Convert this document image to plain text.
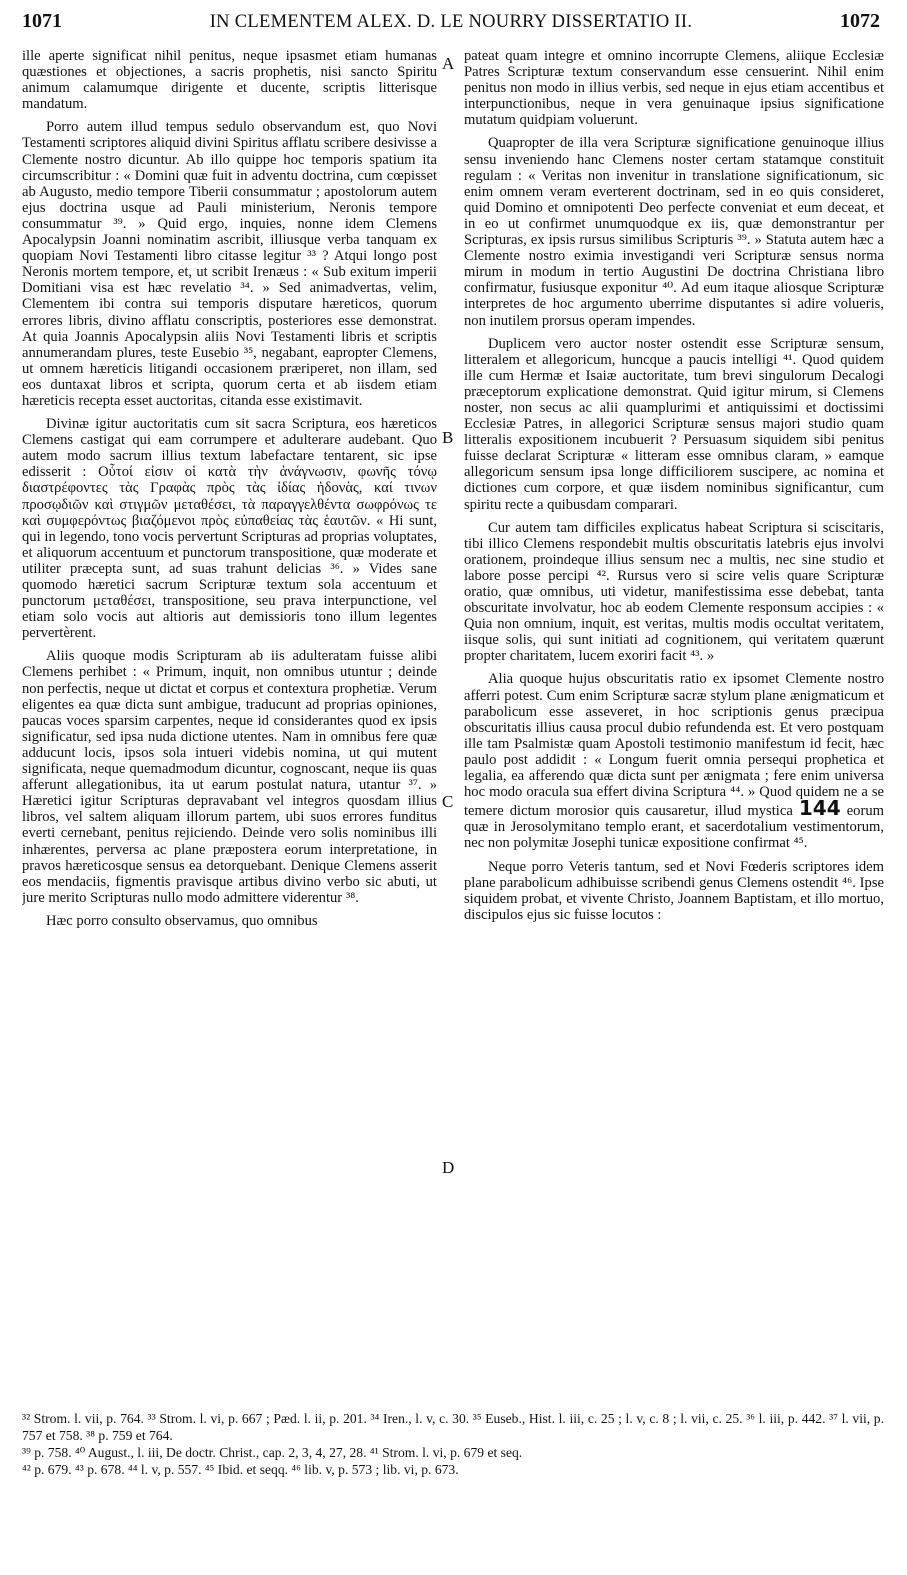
1071	IN CLEMENTEM ALEX. D. LE NOURRY DISSERTATIO II.	1072
A
B
C
D

ille aperte significat nihil penitus, neque ipsasmet etiam humanas quæstiones et objectiones, a sacris prophetis, nisi sancto Spiritu animum calamumque dirigente et ducente, scriptis litterisque mandatum.

Porro autem illud tempus sedulo observandum est, quo Novi Testamenti scriptores aliquid divini Spiritus afflatu scribere desivisse a Clemente nostro dicuntur. Ab illo quippe hoc temporis spatium ita circumscribitur : « Domini quæ fuit in adventu doctrina, cum cœpisset ab Augusto, medio tempore Tiberii consummatur ; apostolorum autem ejus doctrina usque ad Pauli ministerium, Neronis tempore consummatur ³⁹. » Quid ergo, inquies, nonne idem Clemens Apocalypsin Joanni nominatim ascribit, illiusque verba tanquam ex quopiam Novi Testamenti libro citasse legitur ³³ ? Atqui longo post Neronis mortem tempore, et, ut scribit Irenæus : « Sub exitum imperii Domitiani visa est hæc revelatio ³⁴. » Sed animadvertas, velim, Clementem ibi contra sui temporis disputare hæreticos, quorum errores libris, divino afflatu conscriptis, posteriores esse demonstrat. At quia Joannis Apocalypsin aliis Novi Testamenti libris et scriptis annumerandam plures, teste Eusebio ³⁵, negabant, eapropter Clemens, ut omnem hæreticis litigandi occasionem præriperet, non illam, sed eos duntaxat libros et scripta, quorum certa et ab iisdem etiam hæreticis recepta esset auctoritas, citanda esse existimavit.

Divinæ igitur auctoritatis cum sit sacra Scriptura, eos hæreticos Clemens castigat qui eam corrumpere et adulterare audebant. Quo autem modo sacrum illius textum labefactare tentarent, sic ipse edisserit : Οὗτοί εἰσιν οἱ κατὰ τὴν ἀνάγνωσιν, φωνῆς τόνῳ διαστρέφοντες τὰς Γραφὰς πρὸς τὰς ἰδίας ἡδονὰς, καί τινων προσῳδιῶν καὶ στιγμῶν μεταθέσει, τὰ παραγγελθέντα σωφρόνως τε καὶ συμφερόντως βιαζόμενοι πρὸς εὐπαθείας τὰς ἑαυτῶν. « Hi sunt, qui in legendo, tono vocis pervertunt Scripturas ad proprias voluptates, et aliquorum accentuum et punctorum transpositione, quæ moderate et utiliter præcepta sunt, ad suas trahunt delicias ³⁶. » Vides sane quomodo hæretici sacrum Scripturæ textum sola accentuum et punctorum μεταθέσει, transpositione, seu prava interpunctione, vel etiam solo vocis aut altioris aut demissioris tono illum legentes pervertèrent.

Aliis quoque modis Scripturam ab iis adulteratam fuisse alibi Clemens perhibet : « Primum, inquit, non omnibus utuntur ; deinde non perfectis, neque ut dictat et corpus et contextura prophetiæ. Verum eligentes ea quæ dicta sunt ambigue, traducunt ad proprias opiniones, paucas voces sparsim carpentes, neque id considerantes quod ex ipsis significatur, sed ipsa nuda dictione utentes. Nam in omnibus fere quæ adducunt locis, ipsos sola intueri videbis nomina, ut qui mutent significata, neque quemadmodum dicuntur, cognoscant, neque iis quas afferunt allegationibus, ita ut earum postulat natura, utantur ³⁷. » Hæretici igitur Scripturas depravabant vel integros quosdam illius libros, vel saltem aliquam illorum partem, ubi suos errores funditus everti cernebant, penitus rejiciendo. Deinde vero solis nominibus illi inhærentes, perversa ac plane præpostera eorum interpretatione, in pravos hæreticosque sensus ea detorquebant. Denique Clemens asserit eos mendaciis, figmentis pravisque artibus divino verbo sic abuti, ut jure merito Scripturas nullo modo admittere viderentur ³⁸.

Hæc porro consulto observamus, quo omnibus

pateat quam integre et omnino incorrupte Clemens, aliique Ecclesiæ Patres Scripturæ textum conservandum esse censuerint. Nihil enim penitus non modo in illius verbis, sed neque in ejus etiam accentibus et interpunctionibus, neque in vera genuinaque ipsius significatione mutatum quidpiam voluerunt.

Quapropter de illa vera Scripturæ significatione genuinoque illius sensu inveniendo hanc Clemens noster certam statamque constituit regulam : « Veritas non invenitur in translatione significationum, sic enim omnem veram everterent doctrinam, sed in eo quis consideret, quid Domino et omnipotenti Deo perfecte conveniat et eum deceat, et in eo ut confirmet unumquodque ex iis, quæ demonstrantur per Scripturas, ex ipsis rursus similibus Scripturis ³⁹. » Statuta autem hæc a Clemente nostro eximia investigandi veri Scripturæ sensus norma mirum in modum in tertio Augustini De doctrina Christiana libro confirmatur, fusiusque exponitur ⁴⁰. Ad eum itaque aliosque Scripturæ interpretes de hoc argumento uberrime disputantes si adire volueris, non inutilem prorsus operam impendes.

Duplicem vero auctor noster ostendit esse Scripturæ sensum, litteralem et allegoricum, huncque a paucis intelligi ⁴¹. Quod quidem ille cum Hermæ et Isaiæ auctoritate, tum brevi singulorum Decalogi præceptorum explicatione demonstrat. Quid igitur mirum, si Clemens noster, non secus ac alii quamplurimi et antiquissimi et doctissimi Ecclesiæ Patres, in allegorici Scripturæ sensus majori studio quam litteralis expositionem incubuerit ? Persuasum siquidem sibi penitus fuisse declarat Scripturæ « litteram esse omnibus claram, » eamque allegoricum sensum ipsa longe difficiliorem suscipere, ac nomina et dictiones cum corpore, et quæ iisdem nominibus significantur, cum spiritu recte a quibusdam comparari.

Cur autem tam difficiles explicatus habeat Scriptura si sciscitaris, tibi illico Clemens respondebit multis obscuritatis latebris ejus involvi orationem, proindeque illius sensum nec a multis, nec sine studio et labore posse percipi ⁴². Rursus vero si scire velis quare Scripturæ oratio, quæ omnibus, uti videtur, manifestissima esse debebat, tanta obscuritate involvatur, hoc ab eodem Clemente responsum accipies : « Quia non omnium, inquit, est veritas, multis modis occultat veritatem, iisque solis, qui sunt initiati ad cognitionem, qui veritatem quærunt propter charitatem, lucem exoriri facit ⁴³. »

Alia quoque hujus obscuritatis ratio ex ipsomet Clemente nostro afferri potest. Cum enim Scripturæ sacræ stylum plane ænigmaticum et parabolicum esse asseveret, in hoc scriptionis genus præcipua obscuritatis illius causa procul dubio refundenda est. Et vero postquam ille tam Psalmistæ quam Apostoli testimonio manifestum id fecit, hæc paulo post addidit : « Longum fuerit omnia persequi prophetica et legalia, ea afferendo quæ dicta sunt per ænigmata ; fere enim universa hoc modo oracula sua effert divina Scriptura ⁴⁴. » Quod quidem ne a se temere dictum morosior quis causaretur, illud mystica 144 eorum quæ in Jerosolymitano templo erant, et sacerdotalium vestimentorum, nec non polymitæ Josephi tunicæ expositione confirmat ⁴⁵.

Neque porro Veteris tantum, sed et Novi Fœderis scriptores idem plane parabolicum adhibuisse scribendi genus Clemens ostendit ⁴⁶. Ipse siquidem probat, et vivente Christo, Joannem Baptistam, et illo mortuo, discipulos ejus sic fuisse locutos :

³² Strom. l. vii, p. 764. ³³ Strom. l. vi, p. 667 ; Pæd. l. ii, p. 201. ³⁴ Iren., l. v, c. 30. ³⁵ Euseb., Hist. l. iii, c. 25 ; l. v, c. 8 ; l. vii, c. 25. ³⁶ l. iii, p. 442. ³⁷ l. vii, p. 757 et 758. ³⁸ p. 759 et 764.

³⁹ p. 758. ⁴⁰ August., l. iii, De doctr. Christ., cap. 2, 3, 4, 27, 28. ⁴¹ Strom. l. vi, p. 679 et seq.

⁴² p. 679. ⁴³ p. 678. ⁴⁴ l. v, p. 557. ⁴⁵ Ibid. et seqq. ⁴⁶ lib. v, p. 573 ; lib. vi, p. 673.
